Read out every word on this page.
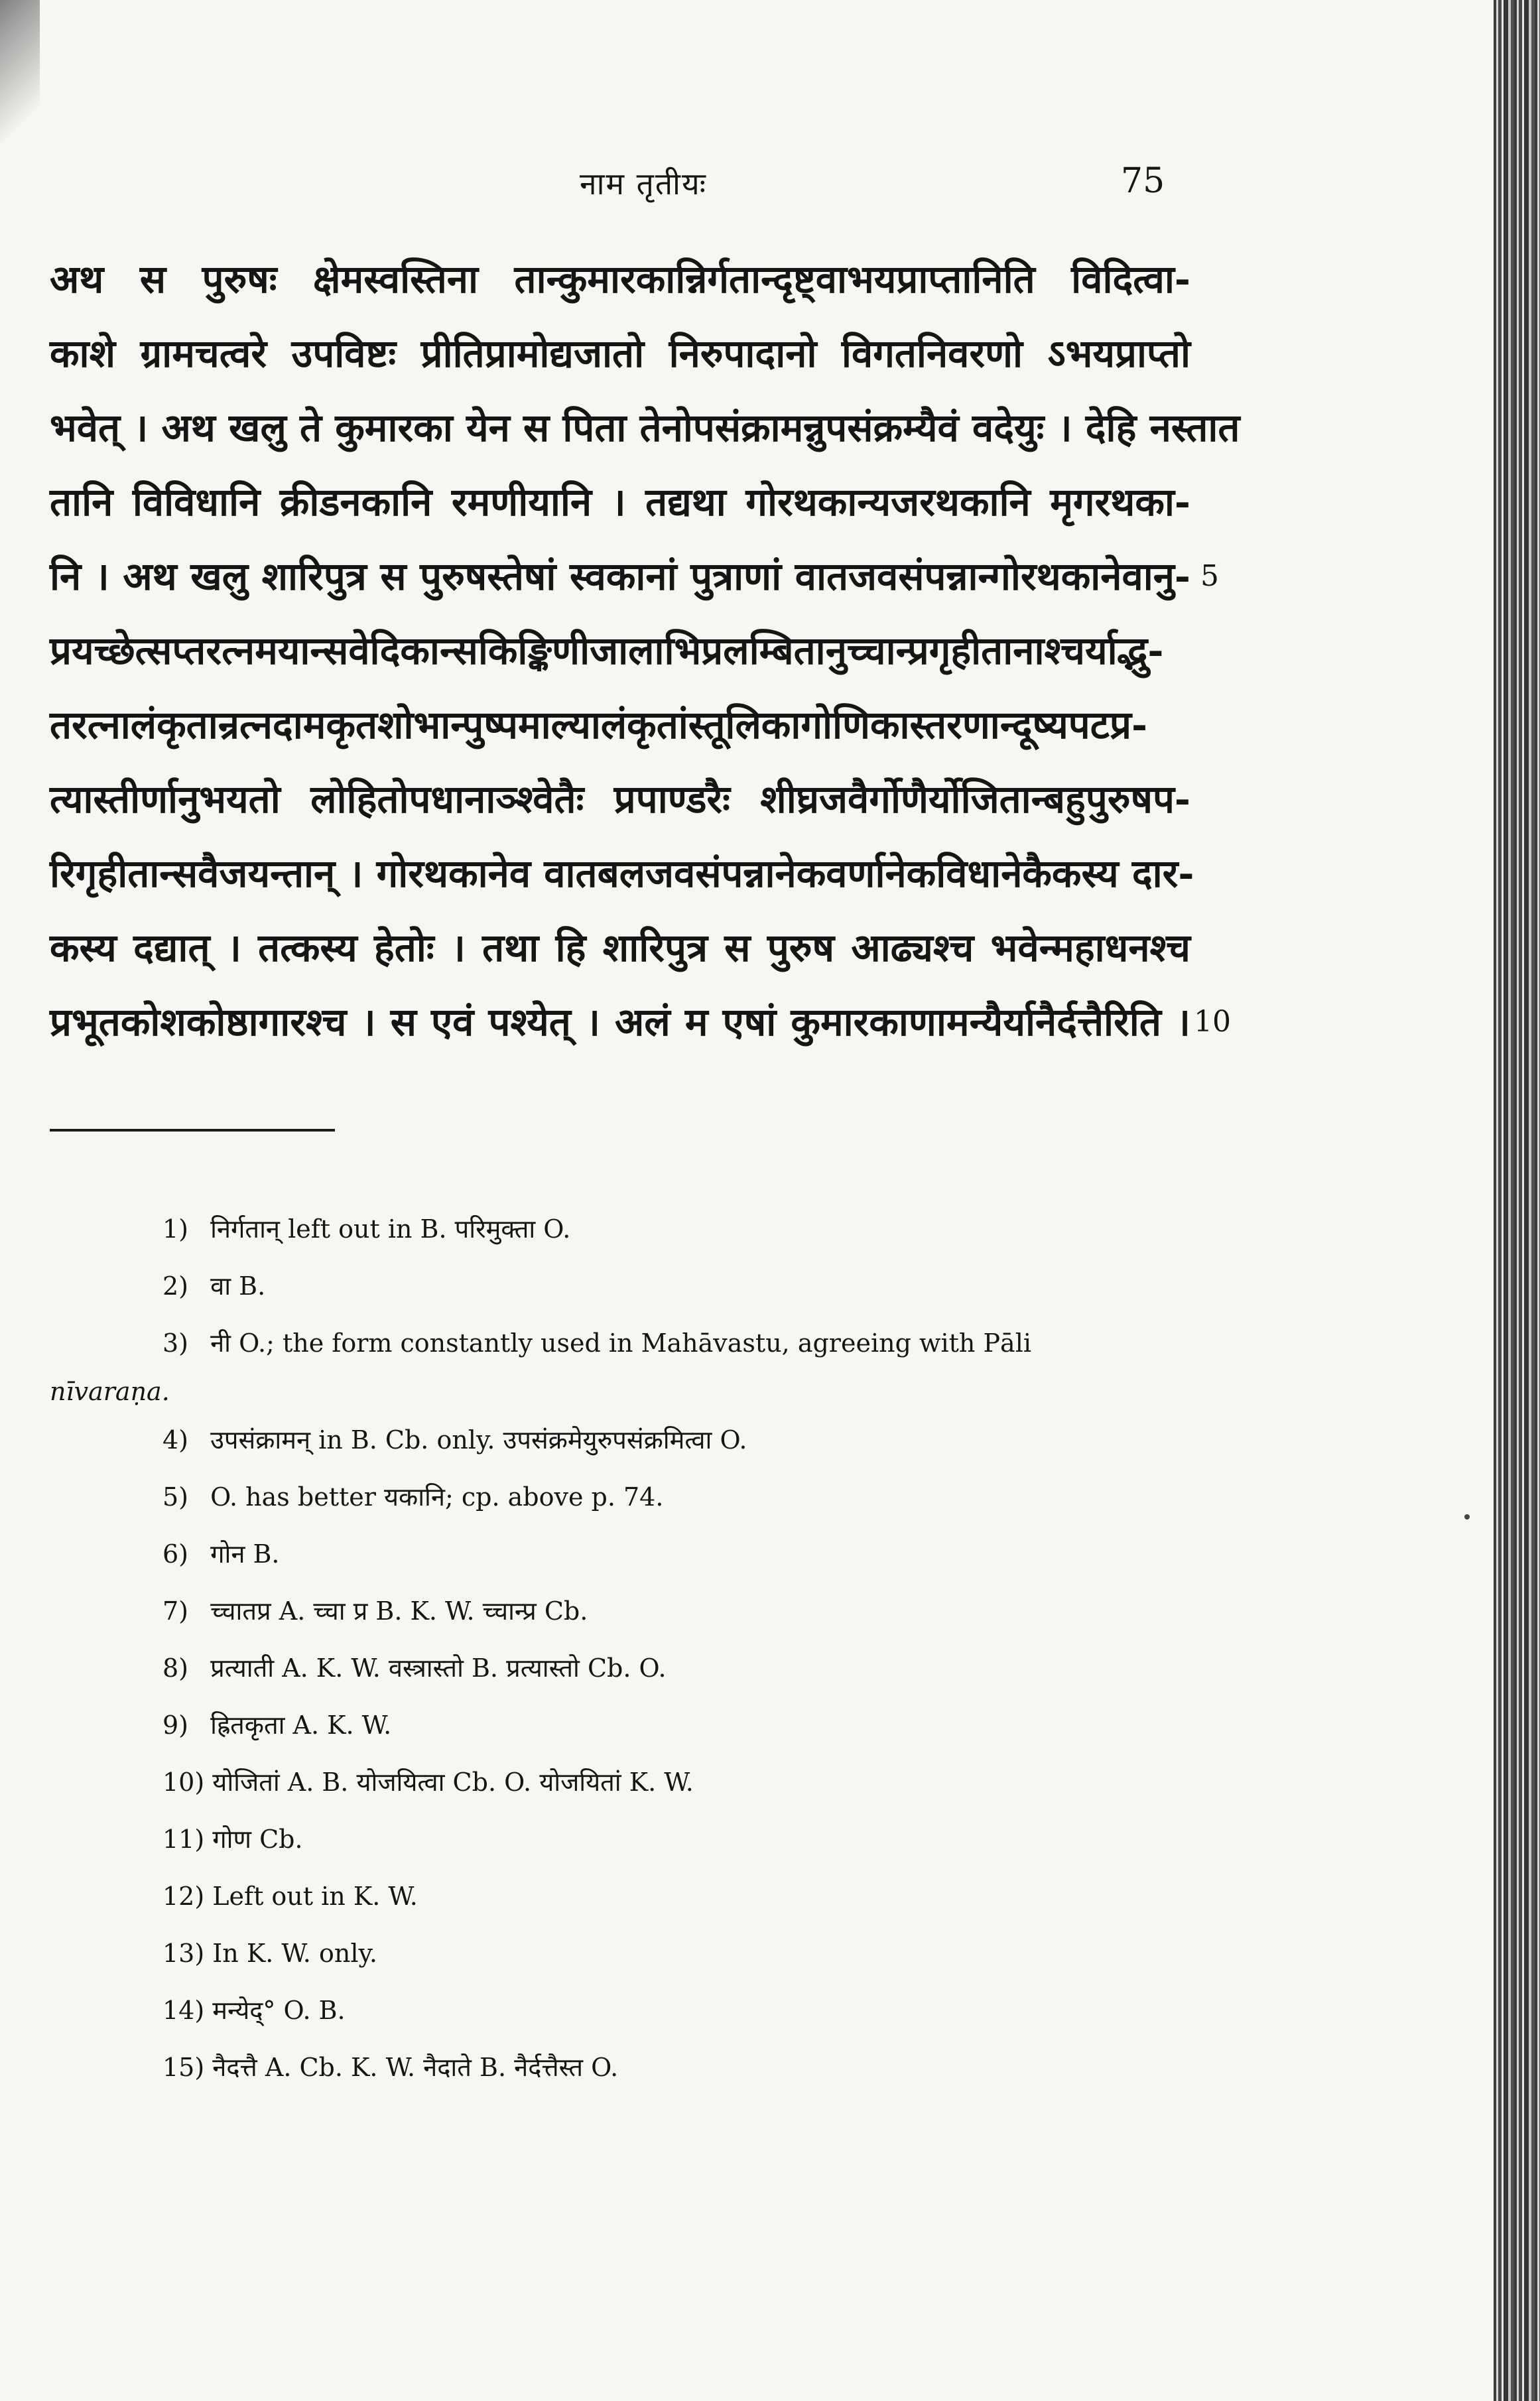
नाम तृतीयः	75
अथ स पुरुषः क्षेमस्वस्तिना तान्कुमारकान्निर्गतान्दृष्ट्वाभयप्राप्तानिति विदित्वा-
काशे ग्रामचत्वरे उपविष्टः प्रीतिप्रामोद्यजातो निरुपादानो विगतनिवरणो ऽभयप्राप्तो
भवेत् । अथ खलु ते कुमारका येन स पिता तेनोपसंक्रामन्नुपसंक्रम्यैवं वदेयुः । देहि नस्तात
तानि विविधानि क्रीडनकानि रमणीयानि । तद्यथा गोरथकान्यजरथकानि मृगरथका-
नि । अथ खलु शारिपुत्र स पुरुषस्तेषां स्वकानां पुत्राणां वातजवसंपन्नान्गोरथकानेवानु-
प्रयच्छेत्सप्तरत्नमयान्सवेदिकान्सकिङ्किणीजालाभिप्रलम्बितानुच्चान्प्रगृहीतानाश्चर्याद्भु-
तरत्नालंकृतान्रत्नदामकृतशोभान्पुष्पमाल्यालंकृतांस्तूलिकागोणिकास्तरणान्दूष्यपटप्र-
त्यास्तीर्णानुभयतो लोहितोपधानाञ्श्वेतैः प्रपाण्डरैः शीघ्रजवैर्गोणैर्योजितान्बहुपुरुषप-
रिगृहीतान्सवैजयन्तान् । गोरथकानेव वातबलजवसंपन्नानेकवर्णानेकविधानेकैकस्य दार-
कस्य दद्यात् । तत्कस्य हेतोः । तथा हि शारिपुत्र स पुरुष आढ्यश्च भवेन्महाधनश्च
प्रभूतकोशकोष्ठागारश्च । स एवं पश्येत् । अलं म एषां कुमारकाणामन्यैर्यानैर्दत्तैरिति ।
5
10
1) निर्गतान् left out in B. परिमुक्ता O.
2) वा B.
3) नी O.; the form constantly used in Mahāvastu, agreeing with Pāli
nīvaraṇa.
4) उपसंक्रामन् in B. Cb. only. उपसंक्रमेयुरुपसंक्रमित्वा O.
5) O. has better यकानि; cp. above p. 74.
6) गोन B.
7) च्चातप्र A. च्चा प्र B. K. W. च्चान्प्र Cb.
8) प्रत्याती A. K. W. वस्त्रास्तो B. प्रत्यास्तो Cb. O.
9) ह्रितकृता A. K. W.
10) योजितां A. B. योजयित्वा Cb. O. योजयितां K. W.
11) गोण Cb.
12) Left out in K. W.
13) In K. W. only.
14) मन्येद्° O. B.
15) नैदत्तै A. Cb. K. W. नैदाते B. नैर्दत्तैस्त O.
